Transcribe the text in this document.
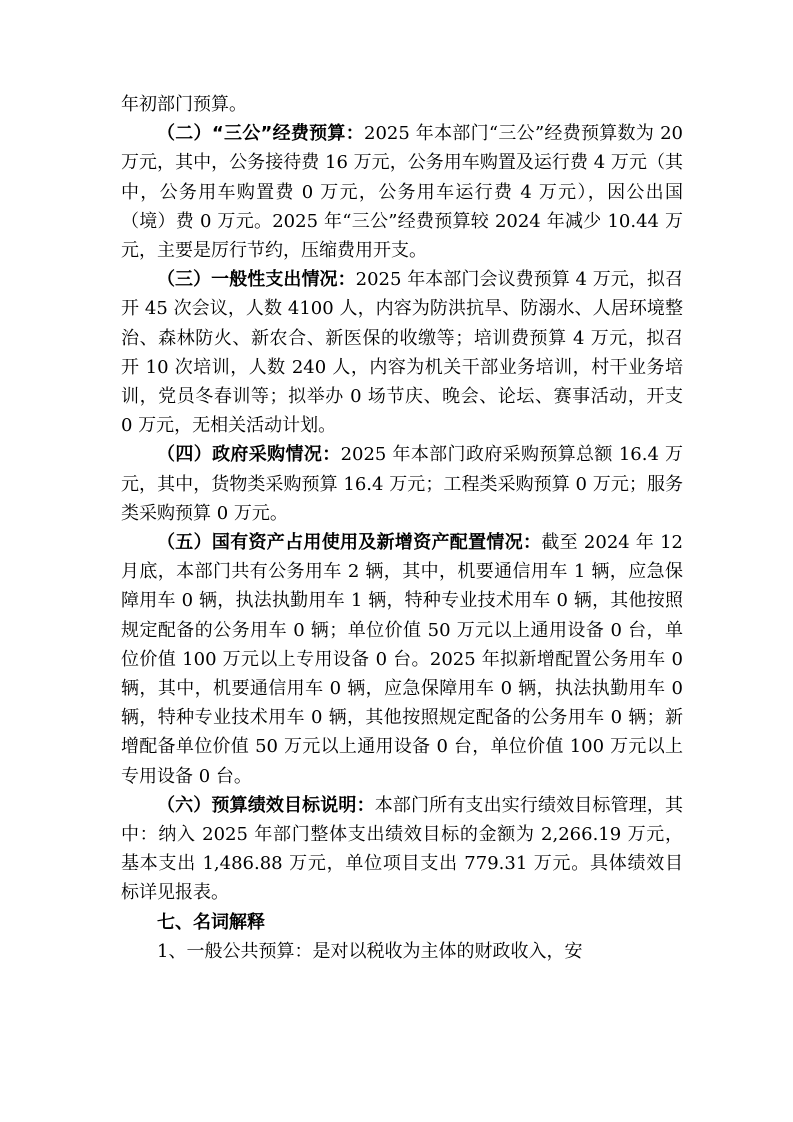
年初部门预算。

（二）“三公”经费预算：2025 年本部门“三公”经费预算数为 20 万元，其中，公务接待费 16 万元，公务用车购置及运行费 4 万元（其中，公务用车购置费 0 万元，公务用车运行费 4 万元），因公出国（境）费 0 万元。2025 年“三公”经费预算较 2024 年减少 10.44 万元，主要是厉行节约，压缩费用开支。

（三）一般性支出情况：2025 年本部门会议费预算 4 万元，拟召开 45 次会议，人数 4100 人，内容为防洪抗旱、防溺水、人居环境整治、森林防火、新农合、新医保的收缴等；培训费预算 4 万元，拟召开 10 次培训，人数 240 人，内容为机关干部业务培训，村干业务培训，党员冬春训等；拟举办 0 场节庆、晚会、论坛、赛事活动，开支 0 万元，无相关活动计划。

（四）政府采购情况：2025 年本部门政府采购预算总额 16.4 万元，其中，货物类采购预算 16.4 万元；工程类采购预算 0 万元；服务类采购预算 0 万元。

（五）国有资产占用使用及新增资产配置情况：截至 2024 年 12 月底，本部门共有公务用车 2 辆，其中，机要通信用车 1 辆，应急保障用车 0 辆，执法执勤用车 1 辆，特种专业技术用车 0 辆，其他按照规定配备的公务用车 0 辆；单位价值 50 万元以上通用设备 0 台，单位价值 100 万元以上专用设备 0 台。2025 年拟新增配置公务用车 0 辆，其中，机要通信用车 0 辆，应急保障用车 0 辆，执法执勤用车 0 辆，特种专业技术用车 0 辆，其他按照规定配备的公务用车 0 辆；新增配备单位价值 50 万元以上通用设备 0 台，单位价值 100 万元以上专用设备 0 台。

（六）预算绩效目标说明：本部门所有支出实行绩效目标管理，其中：纳入 2025 年部门整体支出绩效目标的金额为 2,266.19 万元，基本支出 1,486.88 万元，单位项目支出 779.31 万元。具体绩效目标详见报表。

七、名词解释

1、一般公共预算：是对以税收为主体的财政收入，安
